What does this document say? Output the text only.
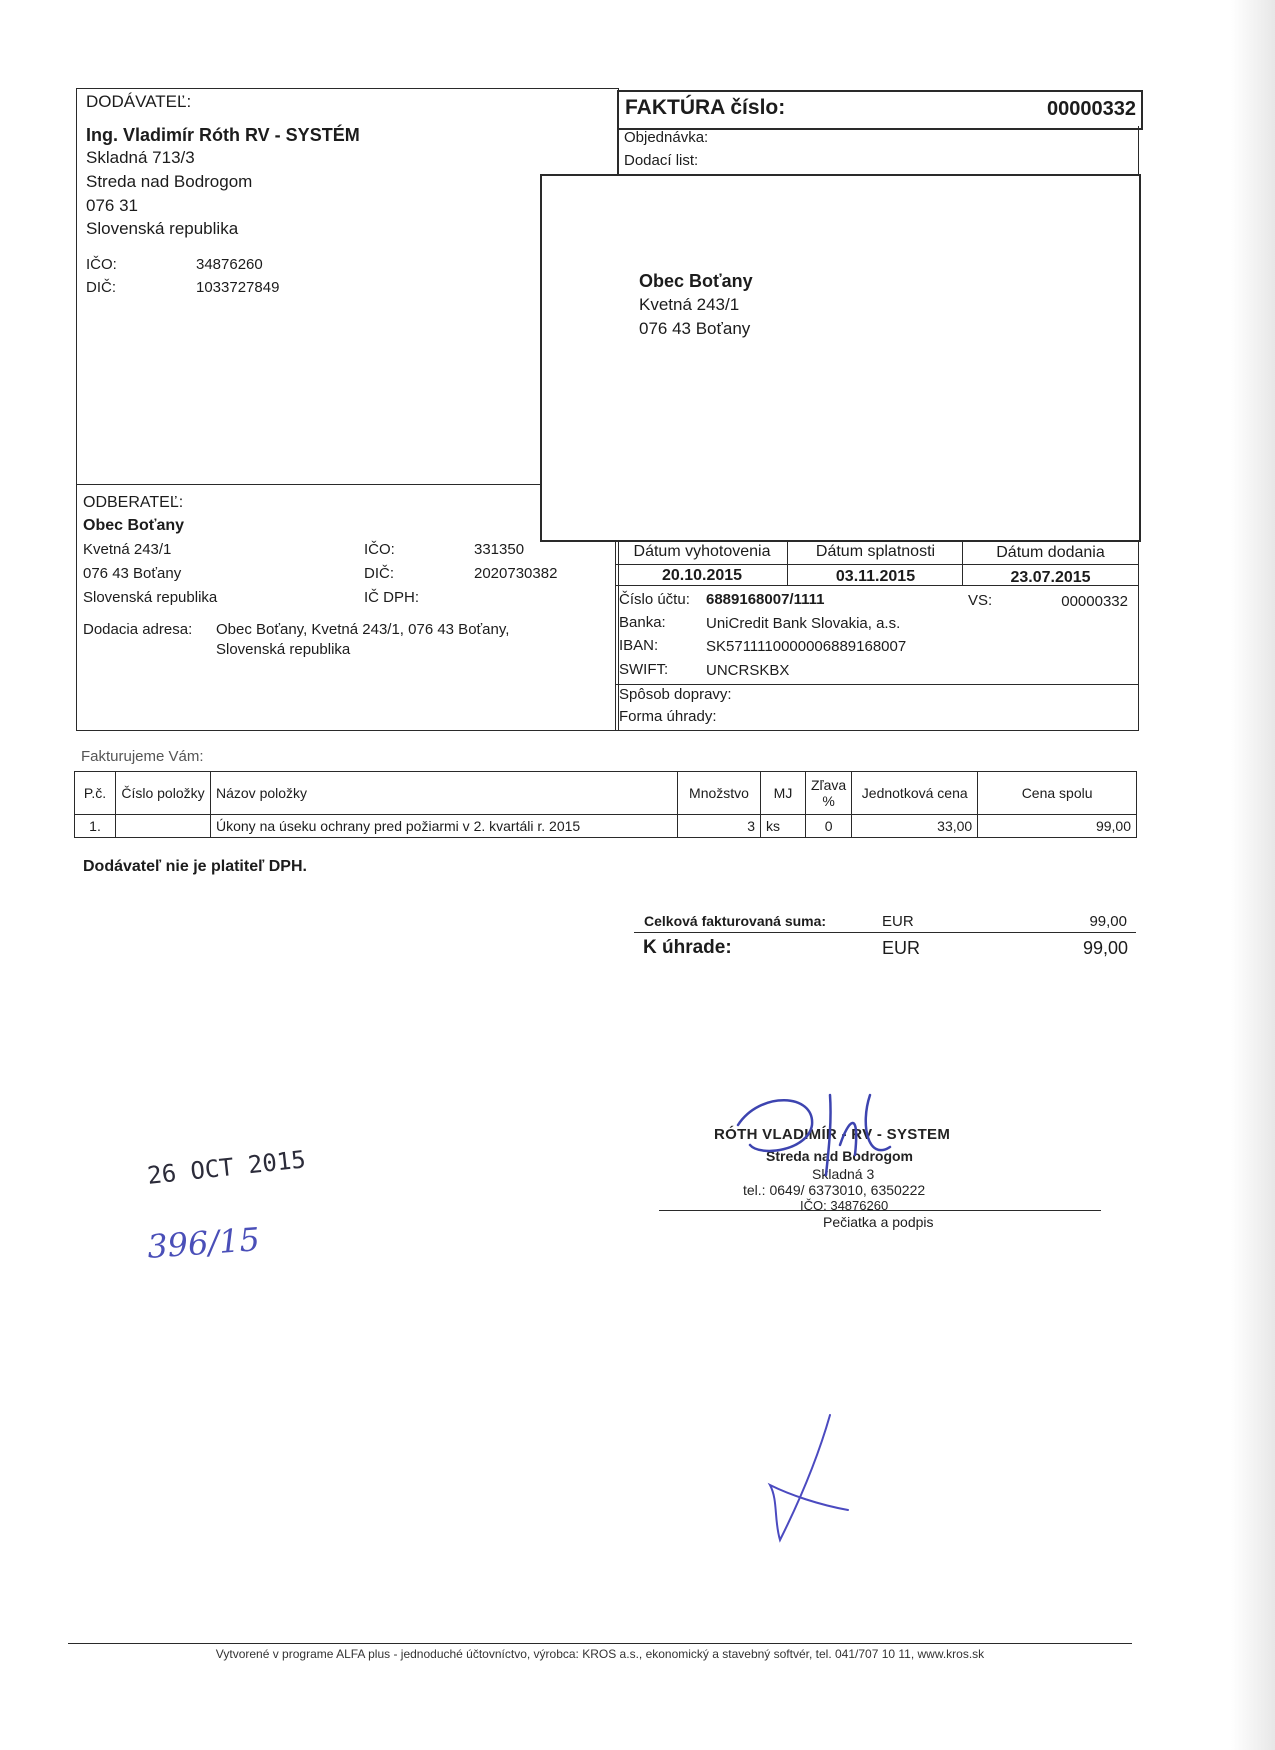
DODÁVATEĽ:
Ing. Vladimír Róth RV - SYSTÉM
Skladná 713/3
Streda nad Bodrogom
076 31
Slovenská republika
IČO:	34876260
DIČ:	1033727849
FAKTÚRA číslo:	00000332
Objednávka:
Dodací list:
Obec Boťany
Kvetná 243/1
076 43 Boťany
ODBERATEĽ:
Obec Boťany
Kvetná 243/1
076 43 Boťany
Slovenská republika
IČO:	331350
DIČ:	2020730382
IČ DPH:
Dodacia adresa: Obec Boťany, Kvetná 243/1, 076 43 Boťany,
Slovenská republika
Dátum vyhotovenia	Dátum splatnosti	Dátum dodania
20.10.2015	03.11.2015	23.07.2015
Číslo účtu: 6889168007/1111	VS:	00000332
Banka:	UniCredit Bank Slovakia, a.s.
IBAN:	SK5711110000006889168007
SWIFT:	UNCRSKBX
Spôsob dopravy:
Forma úhrady:
Fakturujeme Vám:
P.č.	Číslo položky	Názov položky	Množstvo	MJ	Zľava %	Jednotková cena	Cena spolu
1.		Úkony na úseku ochrany pred požiarmi v 2. kvartáli r. 2015	3	ks	0	33,00	99,00
Dodávateľ nie je platiteľ DPH.
Celková fakturovaná suma:	EUR	99,00
K úhrade:	EUR	99,00
RÓTH VLADIMÍR - RV - SYSTEM
Streda nad Bodrogom
Skladná 3
tel.: 0649/ 6373010, 6350222
IČO: 34876260
Pečiatka a podpis
26 OCT 2015
396/15
Vytvorené v programe ALFA plus - jednoduché účtovníctvo, výrobca: KROS a.s., ekonomický a stavebný softvér, tel. 041/707 10 11, www.kros.sk
